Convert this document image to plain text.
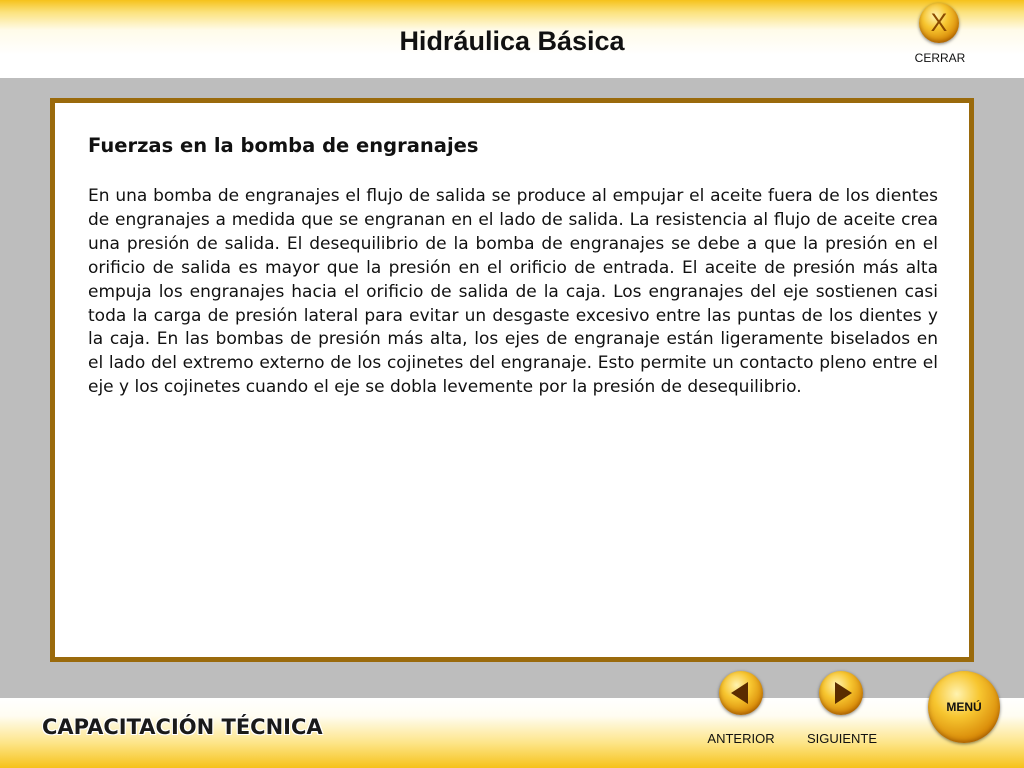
Hidráulica Básica
X
CERRAR
Fuerzas en la bomba de engranajes

En una bomba de engranajes el flujo de salida se produce al empujar el aceite fuera de los dientes de engranajes a medida que se engranan en el lado de salida. La resistencia al flujo de aceite crea una presión de salida. El desequilibrio de la bomba de engranajes se debe a que la presión en el orificio de salida es mayor que la presión en el orificio de entrada. El aceite de presión más alta empuja los engranajes hacia el orificio de salida de la caja. Los engranajes del eje sostienen casi toda la carga de presión lateral para evitar un desgaste excesivo entre las puntas de los dientes y la caja. En las bombas de presión más alta, los ejes de engranaje están ligeramente biselados en el lado del extremo externo de los cojinetes del engranaje. Esto permite un contacto pleno entre el eje y los cojinetes cuando el eje se dobla levemente por la presión de desequilibrio.

CAPACITACIÓN TÉCNICA	ANTERIOR	SIGUIENTE
MENÚ
